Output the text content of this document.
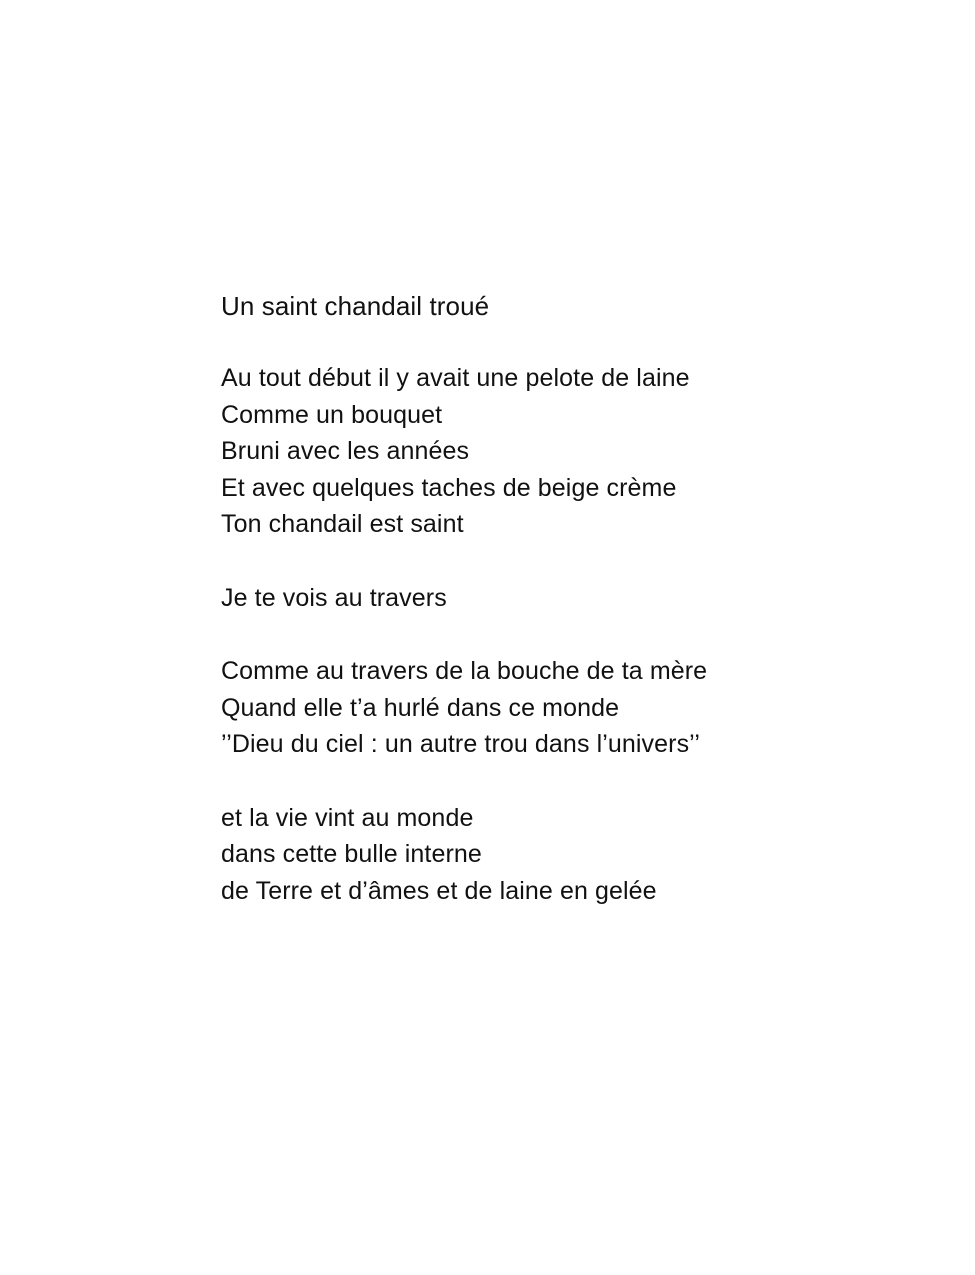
Un saint chandail troué
Au tout début il y avait une pelote de laine
Comme un bouquet
Bruni avec les années
Et avec quelques taches de beige crème
Ton chandail est saint
Je te vois au travers
Comme au travers de la bouche de ta mère
Quand elle t’a hurlé dans ce monde
’’Dieu du ciel : un autre trou dans l’univers’’
et la vie vint au monde
dans cette bulle interne
de Terre et d’âmes et de laine en gelée
